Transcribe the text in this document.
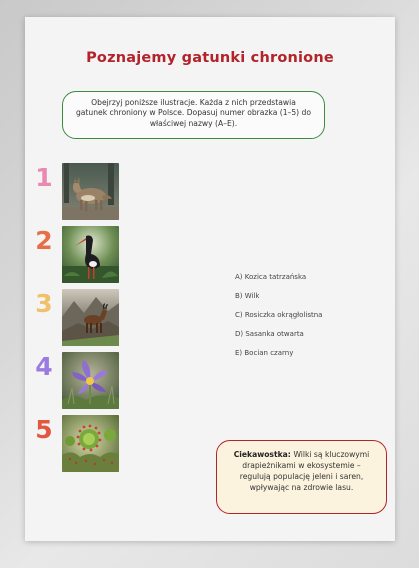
Poznajemy gatunki chronione
Obejrzyj poniższe ilustracje. Każda z nich przedstawia gatunek chroniony w Polsce. Dopasuj numer obrazka (1–5) do właściwej nazwy (A–E).
1
2
3
4
5
A) Kozica tatrzańska
B) Wilk
C) Rosiczka okrągłolistna
D) Sasanka otwarta
E) Bocian czarny
Ciekawostka: Wilki są kluczowymi drapieżnikami w ekosystemie – regulują populację jeleni i saren, wpływając na zdrowie lasu.
